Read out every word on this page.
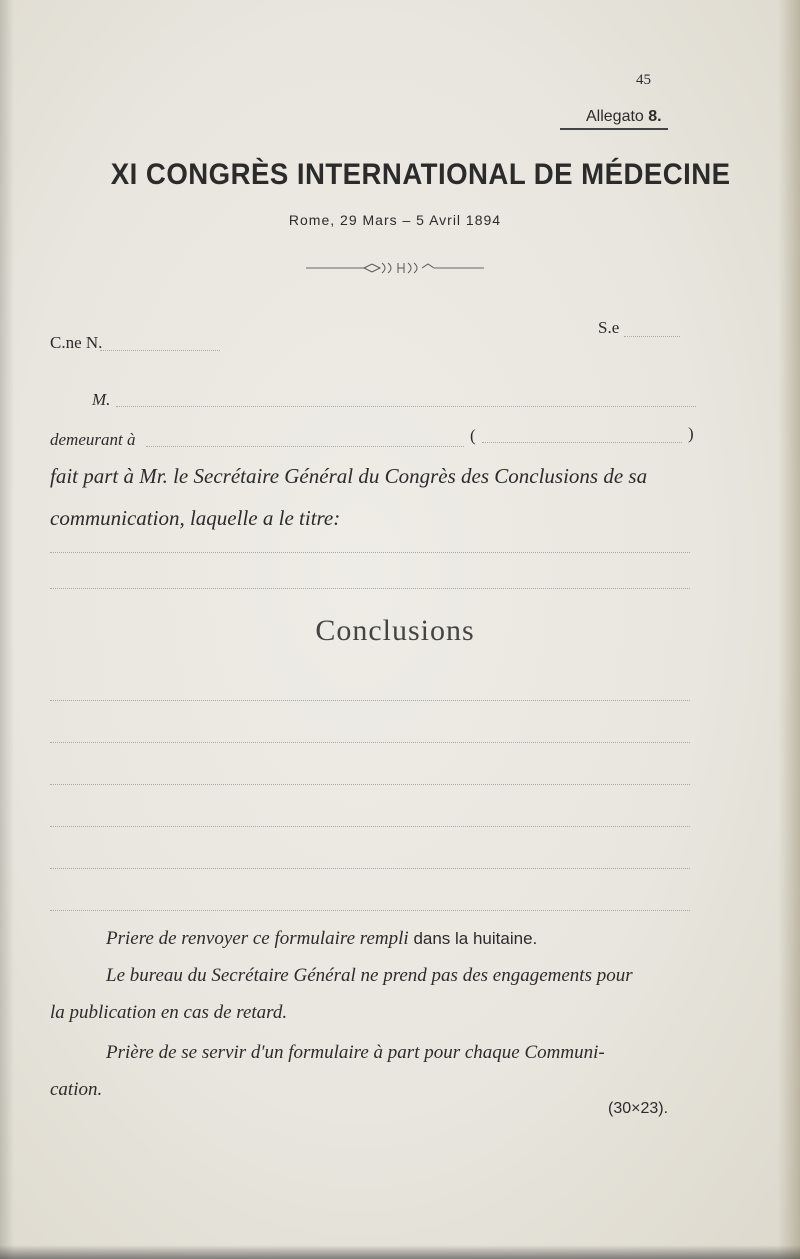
45
Allegato 8.
XI CONGRÈS INTERNATIONAL DE MÉDECINE
Rome, 29 Mars – 5 Avril 1894
C.ne N.
S.e
M.
demeurant à	(	)
fait part à Mr. le Secrétaire Général du Congrès des Conclusions de sa
communication, laquelle a le titre:
Conclusions
Priere de renvoyer ce formulaire rempli dans la huitaine.
Le bureau du Secrétaire Général ne prend pas des engagements pour
la publication en cas de retard.
Prière de se servir d'un formulaire à part pour chaque Communi-
cation.
(30×23).
